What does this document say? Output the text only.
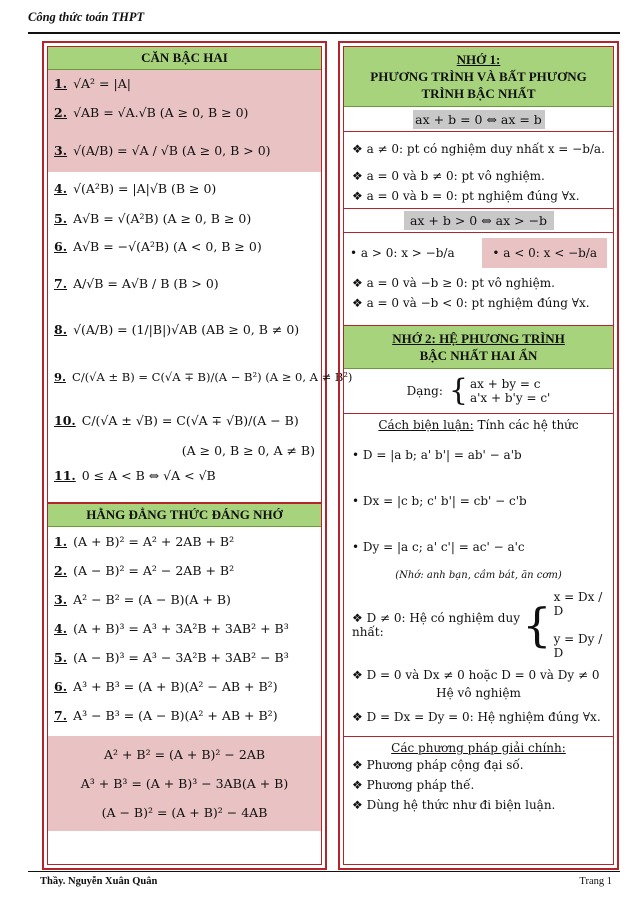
Công thức toán THPT
CĂN BẬC HAI
1. √A² = |A|
2. √AB = √A.√B (A ≥ 0, B ≥ 0)
3. √(A/B) = √A / √B (A ≥ 0, B > 0)
4. √(A²B) = |A|√B (B ≥ 0)
5. A√B = √(A²B) (A ≥ 0, B ≥ 0)
6. A√B = −√(A²B) (A < 0, B ≥ 0)
7. A/√B = A√B / B (B > 0)
8. √(A/B) = (1/|B|)√AB (AB ≥ 0, B ≠ 0)
9. C/(√A ± B) = C(√A ∓ B)/(A − B²) (A ≥ 0, A ≠ B²)
10. C/(√A ± √B) = C(√A ∓ √B)/(A − B)
(A ≥ 0, B ≥ 0, A ≠ B)
11. 0 ≤ A < B ⇔ √A < √B
HẰNG ĐẲNG THỨC ĐÁNG NHỚ
1. (A + B)² = A² + 2AB + B²
2. (A − B)² = A² − 2AB + B²
3. A² − B² = (A − B)(A + B)
4. (A + B)³ = A³ + 3A²B + 3AB² + B³
5. (A − B)³ = A³ − 3A²B + 3AB² − B³
6. A³ + B³ = (A + B)(A² − AB + B²)
7. A³ − B³ = (A − B)(A² + AB + B²)
A² + B² = (A + B)² − 2AB
A³ + B³ = (A + B)³ − 3AB(A + B)
(A − B)² = (A + B)² − 4AB
NHỚ 1:
PHƯƠNG TRÌNH VÀ BẤT PHƯƠNG TRÌNH BẬC NHẤT
ax + b = 0 ⇔ ax = b
❖ a ≠ 0: pt có nghiệm duy nhất x = −b/a.
❖ a = 0 và b ≠ 0: pt vô nghiệm.
❖ a = 0 và b = 0: pt nghiệm đúng ∀x.
ax + b > 0 ⇔ ax > −b
• a > 0: x > −b/a	• a < 0: x < −b/a
❖ a = 0 và −b ≥ 0: pt vô nghiệm.
❖ a = 0 và −b < 0: pt nghiệm đúng ∀x.
NHỚ 2: HỆ PHƯƠNG TRÌNH
BẬC NHẤT HAI ẨN
Dạng: { ax + by = c
a'x + b'y = c'
Cách biện luận: Tính các hệ thức
• D = |a b; a' b'| = ab' − a'b
• Dx = |c b; c' b'| = cb' − c'b
• Dy = |a c; a' c'| = ac' − a'c
(Nhớ: anh bạn, cầm bát, ăn cơm)
❖ D ≠ 0: Hệ có nghiệm duy nhất:	{
x = Dx / D
y = Dy / D
❖ D = 0 và Dx ≠ 0 hoặc D = 0 và Dy ≠ 0
Hệ vô nghiệm
❖ D = Dx = Dy = 0: Hệ nghiệm đúng ∀x.
Các phương pháp giải chính:
❖ Phương pháp cộng đại số.
❖ Phương pháp thế.
❖ Dùng hệ thức như đi biện luận.
Thầy. Nguyễn Xuân Quân	Trang 1
